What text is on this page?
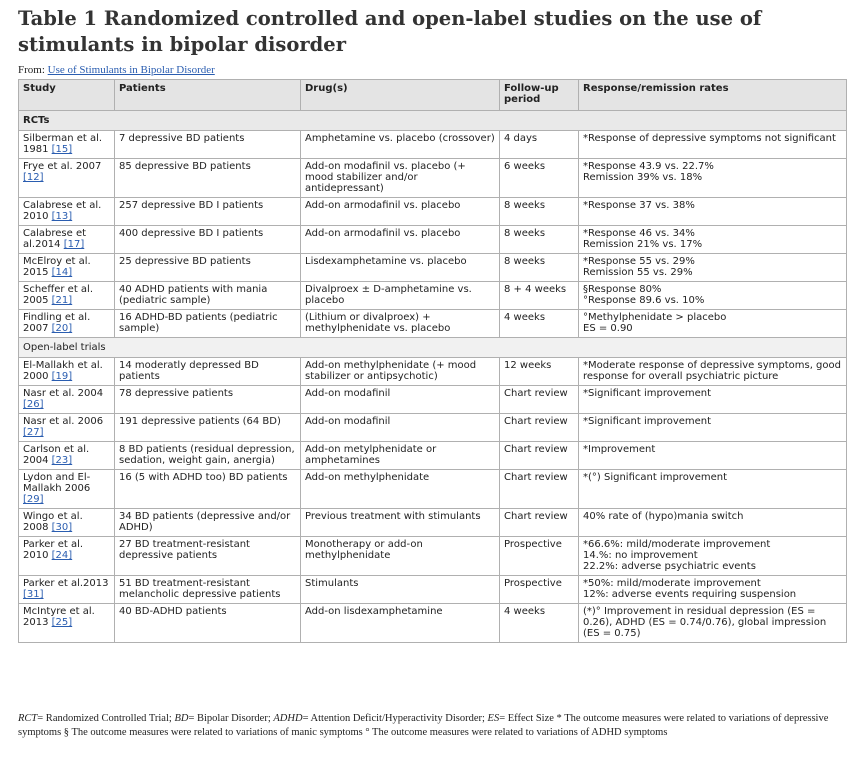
Table 1 Randomized controlled and open-label studies on the use of stimulants in bipolar disorder
From: Use of Stimulants in Bipolar Disorder
Study	Patients	Drug(s)	Follow-up period	Response/remission rates
RCTs				
Silberman et al. 1981 [15]	7 depressive BD patients	Amphetamine vs. placebo (crossover)	4 days	*Response of depressive symptoms not significant
Frye et al. 2007 [12]	85 depressive BD patients	Add-on modafinil vs. placebo (+ mood stabilizer and/or antidepressant)	6 weeks	*Response 43.9 vs. 22.7%
Remission 39% vs. 18%
Calabrese et al. 2010 [13]	257 depressive BD I patients	Add-on armodafinil vs. placebo	8 weeks	*Response 37 vs. 38%
Calabrese et al.2014 [17]	400 depressive BD I patients	Add-on armodafinil vs. placebo	8 weeks	*Response 46 vs. 34%
Remission 21% vs. 17%
McElroy et al. 2015 [14]	25 depressive BD patients	Lisdexamphetamine vs. placebo	8 weeks	*Response 55 vs. 29%
Remission 55 vs. 29%
Scheffer et al. 2005 [21]	40 ADHD patients with mania (pediatric sample)	Divalproex ± D-amphetamine vs. placebo	8 + 4 weeks	§Response 80%
°Response 89.6 vs. 10%
Findling et al. 2007 [20]	16 ADHD-BD patients (pediatric sample)	(Lithium or divalproex) + methylphenidate vs. placebo	4 weeks	°Methylphenidate > placebo
ES = 0.90
Open-label trials				
El-Mallakh et al. 2000 [19]	14 moderatly depressed BD patients	Add-on methylphenidate (+ mood stabilizer or antipsychotic)	12 weeks	*Moderate response of depressive symptoms, good response for overall psychiatric picture
Nasr et al. 2004 [26]	78 depressive patients	Add-on modafinil	Chart review	*Significant improvement
Nasr et al. 2006 [27]	191 depressive patients (64 BD)	Add-on modafinil	Chart review	*Significant improvement
Carlson et al. 2004 [23]	8 BD patients (residual depression, sedation, weight gain, anergia)	Add-on metylphenidate or amphetamines	Chart review	*Improvement
Lydon and El-Mallakh 2006 [29]	16 (5 with ADHD too) BD patients	Add-on methylphenidate	Chart review	*(°) Significant improvement
Wingo et al. 2008 [30]	34 BD patients (depressive and/or ADHD)	Previous treatment with stimulants	Chart review	40% rate of (hypo)mania switch
Parker et al. 2010 [24]	27 BD treatment-resistant depressive patients	Monotherapy or add-on methylphenidate	Prospective	*66.6%: mild/moderate improvement
14.%: no improvement
22.2%: adverse psychiatric events
Parker et al.2013 [31]	51 BD treatment-resistant melancholic depressive patients	Stimulants	Prospective	*50%: mild/moderate improvement
12%: adverse events requiring suspension
McIntyre et al. 2013 [25]	40 BD-ADHD patients	Add-on lisdexamphetamine	4 weeks	(*)° Improvement in residual depression (ES = 0.26), ADHD (ES = 0.74/0.76), global impression (ES = 0.75)
RCT= Randomized Controlled Trial; BD= Bipolar Disorder; ADHD= Attention Deficit/Hyperactivity Disorder; ES= Effect Size * The outcome measures were related to variations of depressive symptoms § The outcome measures were related to variations of manic symptoms ° The outcome measures were related to variations of ADHD symptoms
